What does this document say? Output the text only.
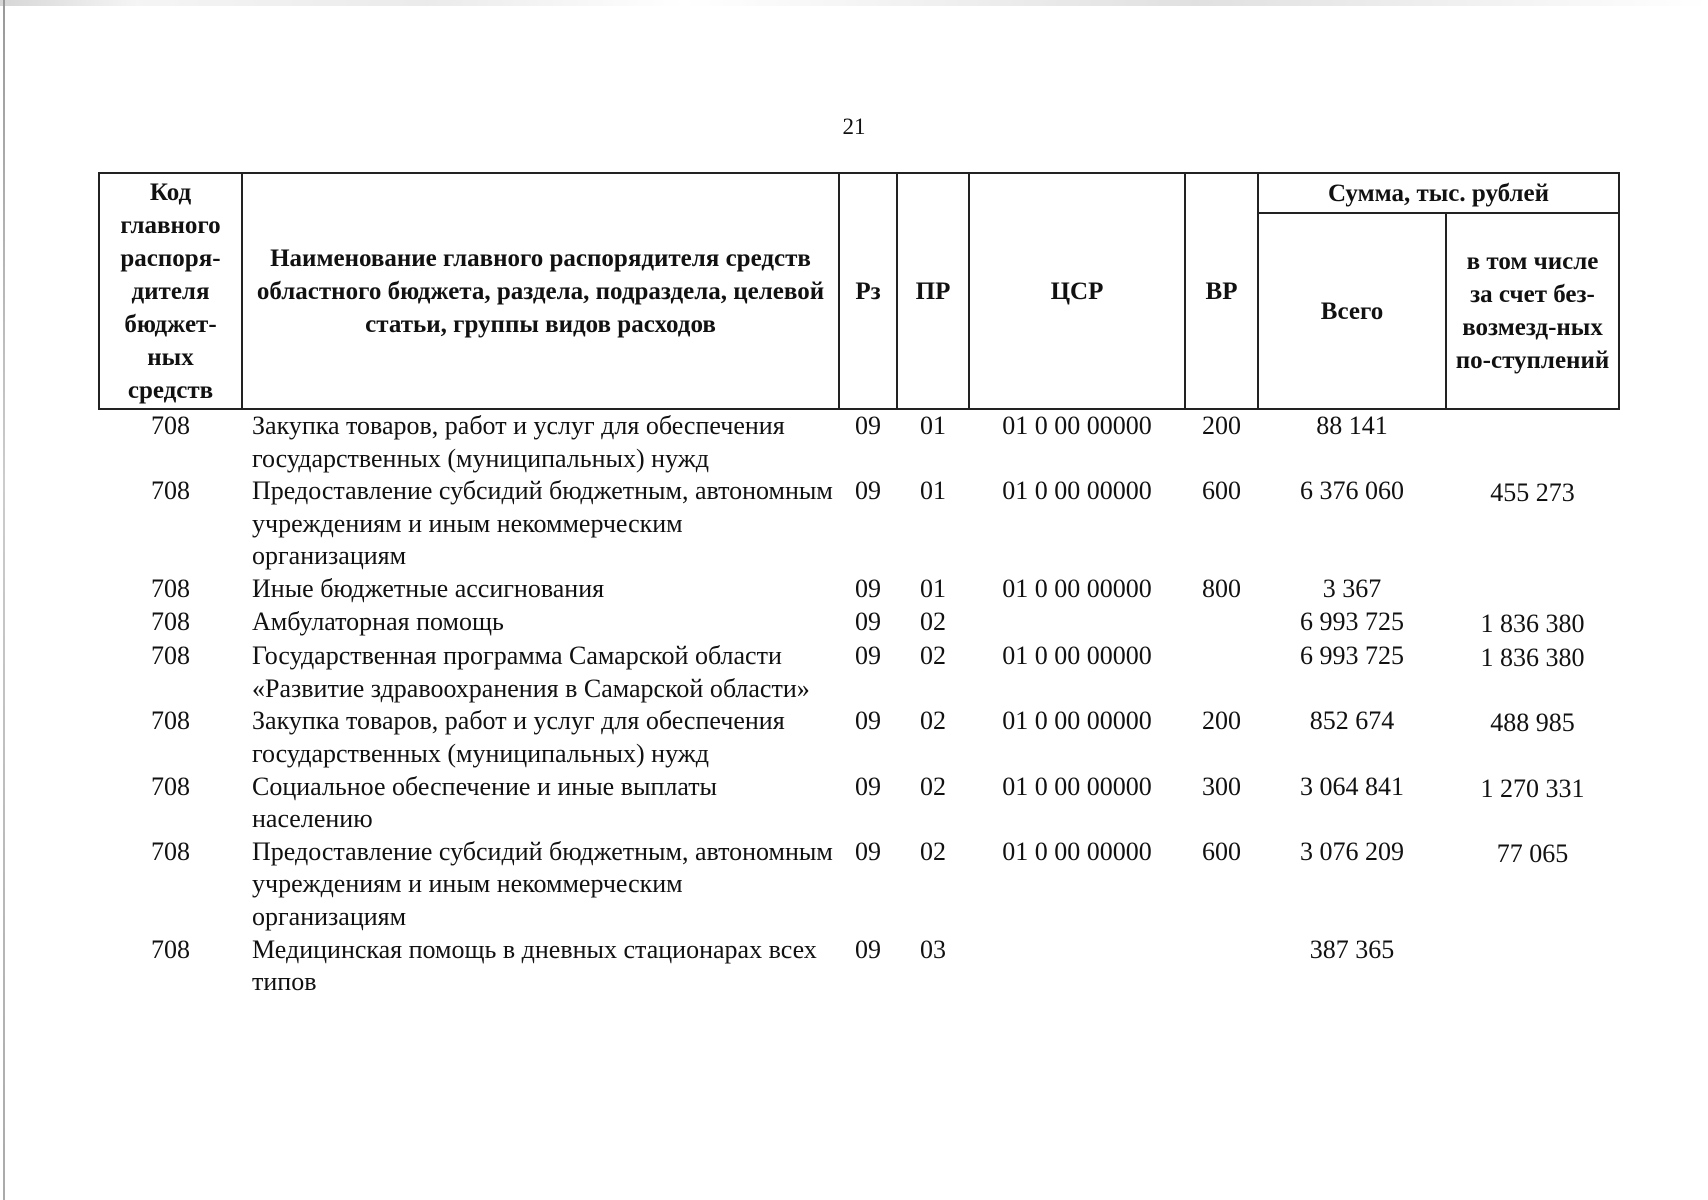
21
Код главного распоря-дителя бюджет-ных средств	Наименование главного распорядителя средств областного бюджета, раздела, подраздела, целевой статьи, группы видов расходов	Рз	ПР	ЦСР	ВР	Сумма, тыс. рублей	
						Всего	в том числе за счет без-возмезд-ных по-ступлений
708	Закупка товаров, работ и услуг для обеспечения государственных (муниципальных) нужд	09	01	01 0 00 00000	200	88 141	
708	Предоставление субсидий бюджетным, автономным учреждениям и иным некоммерческим организациям	09	01	01 0 00 00000	600	6 376 060	455 273
708	Иные бюджетные ассигнования	09	01	01 0 00 00000	800	3 367	
708	Амбулаторная помощь	09	02			6 993 725	1 836 380
708	Государственная программа Самарской области «Развитие здравоохранения в Самарской области»	09	02	01 0 00 00000		6 993 725	1 836 380
708	Закупка товаров, работ и услуг для обеспечения государственных (муниципальных) нужд	09	02	01 0 00 00000	200	852 674	488 985
708	Социальное обеспечение и иные выплаты населению	09	02	01 0 00 00000	300	3 064 841	1 270 331
708	Предоставление субсидий бюджетным, автономным учреждениям и иным некоммерческим организациям	09	02	01 0 00 00000	600	3 076 209	77 065
708	Медицинская помощь в дневных стационарах всех типов	09	03			387 365	
